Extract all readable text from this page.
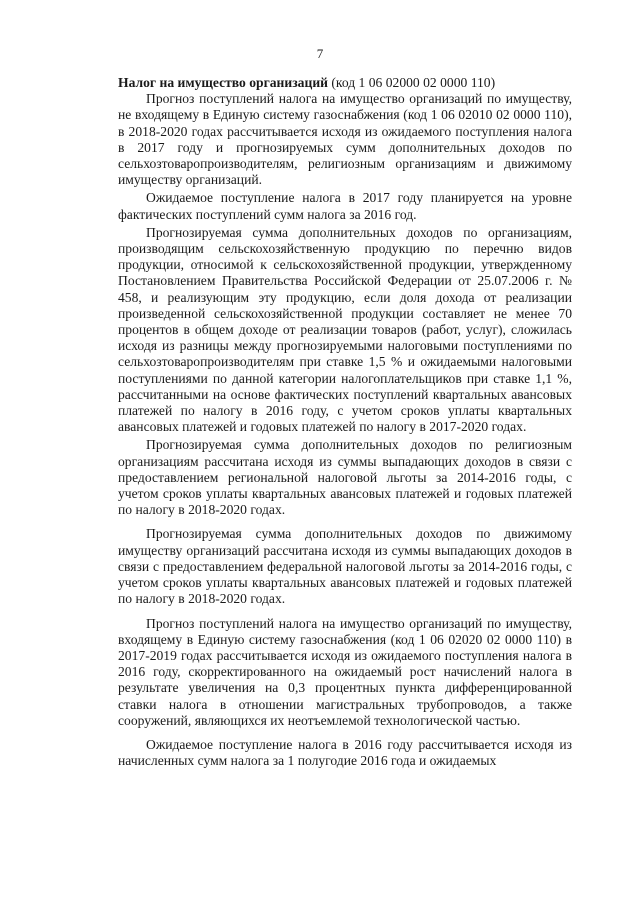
7

Налог на имущество организаций (код 1 06 02000 02 0000 110)

Прогноз поступлений налога на имущество организаций по имуществу, не входящему в Единую систему газоснабжения (код 1 06 02010 02 0000 110), в 2018-2020 годах рассчитывается исходя из ожидаемого поступления налога в 2017 году и прогнозируемых сумм дополнительных доходов по сельхозтоваропроизводителям, религиозным организациям и движимому имуществу организаций.

Ожидаемое поступление налога в 2017 году планируется на уровне фактических поступлений сумм налога за 2016 год.

Прогнозируемая сумма дополнительных доходов по организациям, производящим сельскохозяйственную продукцию по перечню видов продукции, относимой к сельскохозяйственной продукции, утвержденному Постановлением Правительства Российской Федерации от 25.07.2006 г. № 458, и реализующим эту продукцию, если доля дохода от реализации произведенной сельскохозяйственной продукции составляет не менее 70 процентов в общем доходе от реализации товаров (работ, услуг), сложилась исходя из разницы между прогнозируемыми налоговыми поступлениями по сельхозтоваропроизводителям при ставке 1,5 % и ожидаемыми налоговыми поступлениями по данной категории налогоплательщиков при ставке 1,1 %, рассчитанными на основе фактических поступлений квартальных авансовых платежей по налогу в 2016 году, с учетом сроков уплаты квартальных авансовых платежей и годовых платежей по налогу в 2017-2020 годах.

Прогнозируемая сумма дополнительных доходов по религиозным организациям рассчитана исходя из суммы выпадающих доходов в связи с предоставлением региональной налоговой льготы за 2014-2016 годы, с учетом сроков уплаты квартальных авансовых платежей и годовых платежей по налогу в 2018-2020 годах.

Прогнозируемая сумма дополнительных доходов по движимому имуществу организаций рассчитана исходя из суммы выпадающих доходов в связи с предоставлением федеральной налоговой льготы за 2014-2016 годы, с учетом сроков уплаты квартальных авансовых платежей и годовых платежей по налогу в 2018-2020 годах.

Прогноз поступлений налога на имущество организаций по имуществу, входящему в Единую систему газоснабжения (код 1 06 02020 02 0000 110) в 2017-2019 годах рассчитывается исходя из ожидаемого поступления налога в 2016 году, скорректированного на ожидаемый рост начислений налога в результате увеличения на 0,3 процентных пункта дифференцированной ставки налога в отношении магистральных трубопроводов, а также сооружений, являющихся их неотъемлемой технологической частью.

Ожидаемое поступление налога в 2016 году рассчитывается исходя из начисленных сумм налога за 1 полугодие 2016 года и ожидаемых
